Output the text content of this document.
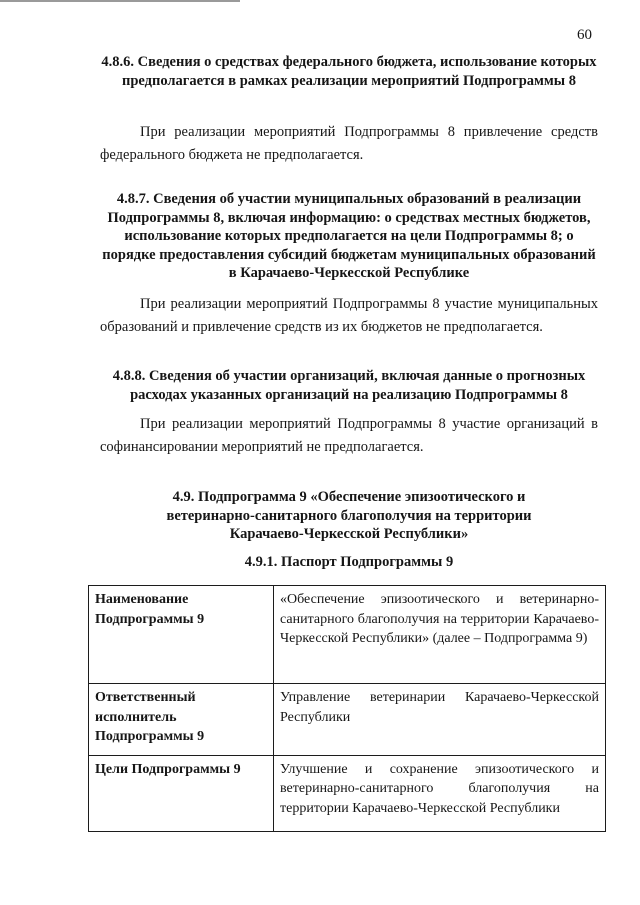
60
4.8.6. Сведения о средствах федерального бюджета, использование которых предполагается в рамках реализации мероприятий Подпрограммы 8
При реализации мероприятий Подпрограммы 8 привлечение средств федерального бюджета не предполагается.
4.8.7. Сведения об участии муниципальных образований в реализации Подпрограммы 8, включая информацию: о средствах местных бюджетов, использование которых предполагается на цели Подпрограммы 8; о порядке предоставления субсидий бюджетам муниципальных образований в Карачаево-Черкесской Республике
При реализации мероприятий Подпрограммы 8 участие муниципальных образований и привлечение средств из их бюджетов не предполагается.
4.8.8. Сведения об участии организаций, включая данные о прогнозных расходах указанных организаций на реализацию Подпрограммы 8
При реализации мероприятий Подпрограммы 8 участие организаций в софинансировании мероприятий не предполагается.
4.9. Подпрограмма 9 «Обеспечение эпизоотического и ветеринарно-санитарного благополучия на территории Карачаево-Черкесской Республики»
4.9.1. Паспорт Подпрограммы 9
Наименование Подпрограммы 9	«Обеспечение эпизоотического и ветеринарно-санитарного благополучия на территории Карачаево-Черкесской Республики» (далее – Подпрограмма 9)
Ответственный исполнитель Подпрограммы 9	Управление ветеринарии Карачаево-Черкесской Республики
Цели Подпрограммы 9	Улучшение и сохранение эпизоотического и ветеринарно-санитарного благополучия на территории Карачаево-Черкесской Республики
